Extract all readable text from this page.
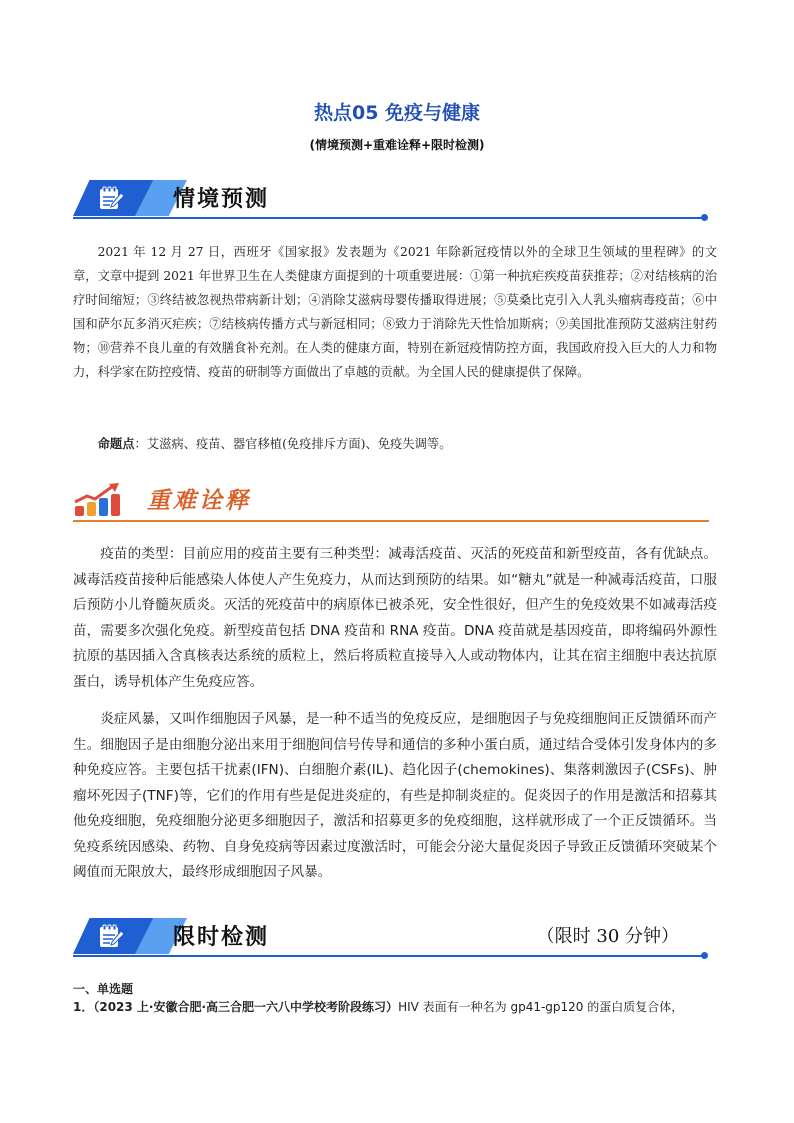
热点05 免疫与健康
(情境预测+重难诠释+限时检测)
情境预测
2021 年 12 月 27 日，西班牙《国家报》发表题为《2021 年除新冠疫情以外的全球卫生领域的里程碑》的文章，文章中提到 2021 年世界卫生在人类健康方面提到的十项重要进展：①第一种抗疟疾疫苗获推荐；②对结核病的治疗时间缩短；③终结被忽视热带病新计划；④消除艾滋病母婴传播取得进展；⑤莫桑比克引入人乳头瘤病毒疫苗；⑥中国和萨尔瓦多消灭疟疾；⑦结核病传播方式与新冠相同；⑧致力于消除先天性恰加斯病；⑨美国批准预防艾滋病注射药物；⑩营养不良儿童的有效膳食补充剂。在人类的健康方面，特别在新冠疫情防控方面，我国政府投入巨大的人力和物力，科学家在防控疫情、疫苗的研制等方面做出了卓越的贡献。为全国人民的健康提供了保障。
命题点：艾滋病、疫苗、器官移植(免疫排斥方面)、免疫失调等。
重难诠释
疫苗的类型：目前应用的疫苗主要有三种类型：减毒活疫苗、灭活的死疫苗和新型疫苗，各有优缺点。减毒活疫苗接种后能感染人体使人产生免疫力，从而达到预防的结果。如“糖丸”就是一种减毒活疫苗，口服后预防小儿脊髓灰质炎。灭活的死疫苗中的病原体已被杀死，安全性很好，但产生的免疫效果不如减毒活疫苗，需要多次强化免疫。新型疫苗包括 DNA 疫苗和 RNA 疫苗。DNA 疫苗就是基因疫苗，即将编码外源性抗原的基因插入含真核表达系统的质粒上，然后将质粒直接导入人或动物体内，让其在宿主细胞中表达抗原蛋白，诱导机体产生免疫应答。
炎症风暴，又叫作细胞因子风暴，是一种不适当的免疫反应，是细胞因子与免疫细胞间正反馈循环而产生。细胞因子是由细胞分泌出来用于细胞间信号传导和通信的多种小蛋白质，通过结合受体引发身体内的多种免疫应答。主要包括干扰素(IFN)、白细胞介素(IL)、趋化因子(chemokines)、集落刺激因子(CSFs)、肿瘤坏死因子(TNF)等，它们的作用有些是促进炎症的，有些是抑制炎症的。促炎因子的作用是激活和招募其他免疫细胞，免疫细胞分泌更多细胞因子，激活和招募更多的免疫细胞，这样就形成了一个正反馈循环。当免疫系统因感染、药物、自身免疫病等因素过度激活时，可能会分泌大量促炎因子导致正反馈循环突破某个阈值而无限放大，最终形成细胞因子风暴。
限时检测	（限时 30 分钟）
一、单选题
1．（2023 上·安徽合肥·高三合肥一六八中学校考阶段练习）HIV 表面有一种名为 gp41-gp120 的蛋白质复合体，
